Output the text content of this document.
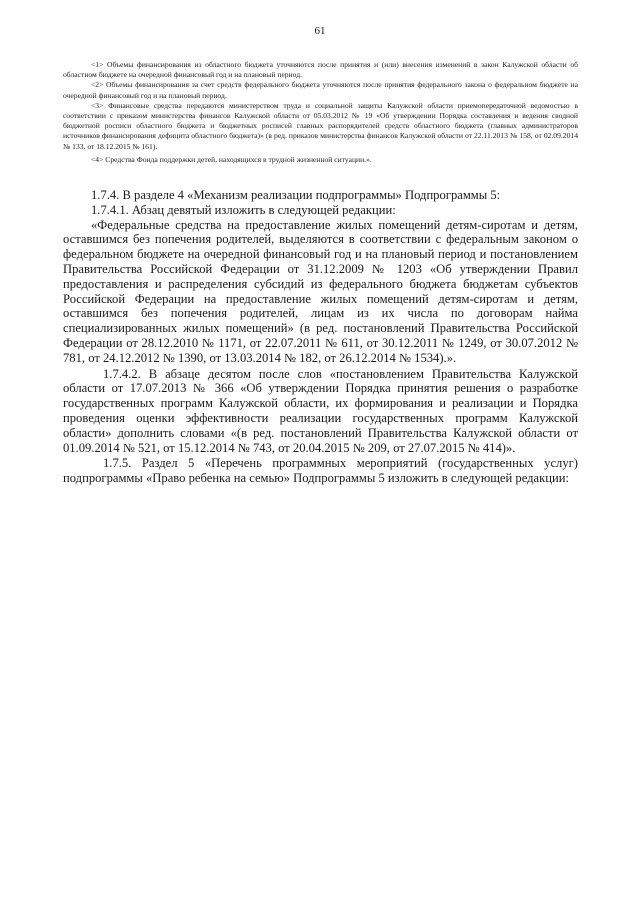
61

<1> Объемы финансирования из областного бюджета уточняются после принятия и (или) внесения изменений в закон Калужской области об областном бюджете на очередной финансовый год и на плановый период.

<2> Объемы финансирования за счет средств федерального бюджета уточняются после принятия федерального закона о федеральном бюджете на очередной финансовый год и на плановый период.

<3> Финансовые средства передаются министерством труда и социальной защиты Калужской области приемопередаточной ведомостью в соответствии с приказом министерства финансов Калужской области от 05.03.2012 № 19 «Об утверждении Порядка составления и ведения сводной бюджетной росписи областного бюджета и бюджетных росписей главных распорядителей средств областного бюджета (главных администраторов источников финансирования дефицита областного бюджета)» (в ред. приказов министерства финансов Калужской области от 22.11.2013 № 158, от 02.09.2014 № 133, от 18.12.2015 № 161).

<4> Средства Фонда поддержки детей, находящихся в трудной жизненной ситуации.».

1.7.4. В разделе 4 «Механизм реализации подпрограммы» Подпрограммы 5:

1.7.4.1. Абзац девятый изложить в следующей редакции:

«Федеральные средства на предоставление жилых помещений детям-сиротам и детям, оставшимся без попечения родителей, выделяются в соответствии с федеральным законом о федеральном бюджете на очередной финансовый год и на плановый период и постановлением Правительства Российской Федерации от 31.12.2009 № 1203 «Об утверждении Правил предоставления и распределения субсидий из федерального бюджета бюджетам субъектов Российской Федерации на предоставление жилых помещений детям-сиротам и детям, оставшимся без попечения родителей, лицам из их числа по договорам найма специализированных жилых помещений» (в ред. постановлений Правительства Российской Федерации от 28.12.2010 № 1171, от 22.07.2011 № 611, от 30.12.2011 № 1249, от 30.07.2012 № 781, от 24.12.2012 № 1390, от 13.03.2014 № 182, от 26.12.2014 № 1534).».

1.7.4.2. В абзаце десятом после слов «постановлением Правительства Калужской области от 17.07.2013 № 366 «Об утверждении Порядка принятия решения о разработке государственных программ Калужской области, их формирования и реализации и Порядка проведения оценки эффективности реализации государственных программ Калужской области» дополнить словами «(в ред. постановлений Правительства Калужской области от 01.09.2014 № 521, от 15.12.2014 № 743, от 20.04.2015 № 209, от 27.07.2015 № 414)».

1.7.5. Раздел 5 «Перечень программных мероприятий (государственных услуг) подпрограммы «Право ребенка на семью» Подпрограммы 5 изложить в следующей редакции:
